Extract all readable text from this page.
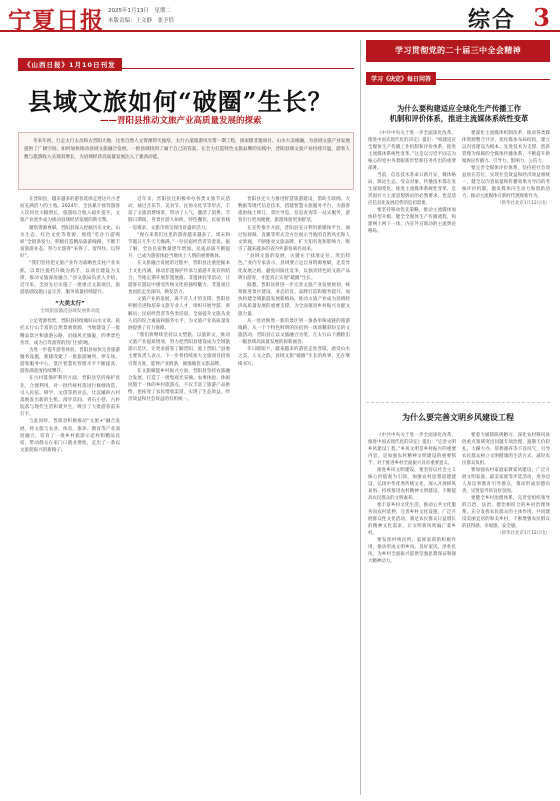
宁夏日报 2025年1月13日　星期二
本版责编：王文静　张予恰	综合 3
《山西日报》1月10日刊发
县域文旅如何“破圈”生长？
——晋阳县推动文旅产业高质量发展的探索
冬来年初，行走太行太岳和古晋阳大地，这里自然人文资源得天独厚，太行古道旅游风光带一期工程，国家级非遗项目、山水大美相融，为县域文旅产业发展提供了广阔空间。如何加快推动县域文旅融合发展，一批县域找到了属于自己的答案。在全力打造特色文旅品牌的实践中，晋阳县域文旅产业持续升温，游客人数与旅游收入实现双增长，为县域经济高质量发展注入了强劲动能。

在晋阳县，越来越多的游客选择走进这片古老而充满活力的土地。2024年，全县累计接待游客人次同比大幅增长，旅游综合收入稳步提升，文旅产业逐步成为推动县域经济发展的新引擎。

聚焦资源禀赋，晋阳县深入挖掘历史文化、山水生态、红色文化等资源，围绕“吃住行游购娱”全链条发力，积极打造精品旅游线路，不断丰富旅游业态，努力让游客“来得了、留得住、玩得好”。

“我们坚持把文旅产业作为战略性支柱产业来抓，以景区提档升级为抓手，以项目建设为支撑，推动文旅深度融合。”县文旅局负责人介绍，近年来，全县先后实施了一批重点文旅项目，旅游基础设施日益完善，服务质量持续提升。

“大美太行”
全域旅游激活县域发展新动能

立足资源优势，晋阳县持续做好山水文章。依托太行山丰富的自然景观资源，当地建设了一批精品景区和旅游公路，沿线风光旖旎，四季景色各异，成为自驾游客的热门目的地。

为进一步提升游客体验，晋阳县加快完善旅游服务设施，新建改建了一批旅游厕所、停车场、游客服务中心，景区智慧化管理水平不断提高，游客满意度持续攀升。

在古村落保护利用方面，晋阳县坚持保护优先、合理利用，对一批传统村落进行修缮改造，引入民宿、研学、文创等新业态，让沉睡的古村落焕发出新的生机。漫步其间，青石小巷、古朴院落与现代生活和谐共生，吸引了大批游客前来打卡。

与此同时，晋阳县积极推动“文旅+”融合发展，将文旅与农业、体育、康养、教育等产业深度融合，培育了一批乡村旅游示范村和精品民宿，带动群众在家门口就业增收，走出了一条以文旅促振兴的新路子。

近年来，晋阳县还积极举办各类文旅节庆活动，通过音乐节、美食节、民俗文化节等形式，丰富了文旅消费场景，带动了人气，激活了消费。节假日期间，各景区游人如织，特色餐饮、民宿客栈一房难求，文旅市场呈现出旺盛的活力。

“现在来我们这里的游客越来越多了，周末和节假日几乎天天爆满。”一位民宿经营者笑着说。据了解，全县民宿数量逐年增加，民宿品质不断提升，已成为游客体验当地风土人情的重要载体。

在文旅融合发展的过程中，晋阳县注重挖掘本土文化内涵，推动非遗保护传承与旅游开发有机结合。当地定期开展非遗展演、非遗体验等活动，让游客在游玩中感受传统文化的独特魅力，非遗项目也因此走出深闺、焕发活力。

文旅产业的发展，离不开人才的支撑。晋阳县积极引进和培养文旅专业人才，组织开展导游、讲解员、民宿经营者等各类培训，全面提升文旅从业人员的综合素质和服务水平，为文旅产业高质量发展提供了有力保障。

“我们将继续坚持以文塑旅、以旅彰文，推动文旅产业提质增效，努力把晋阳县建设成为全域旅游示范区，让更多游客了解晋阳、爱上晋阳。”县委主要负责人表示，下一步将持续加大文旅项目招商引资力度，延伸产业链条，做强做优文旅品牌。

在文旅赋能乡村振兴方面，晋阳县坚持农旅融合发展，打造了一批集观光采摘、农事体验、休闲度假于一体的乡村旅游点，不仅丰富了旅游产品供给，也拓宽了农民增收渠道，实现了生态效益、经济效益和社会效益的有机统一。

晋阳县还大力推进智慧旅游建设，借助互联网、大数据等现代信息技术，搭建智慧文旅服务平台，为游客提供线上预订、景区导览、信息查询等一站式服务，游客出行更加便捷，旅游体验更加舒适。

在宣传推介方面，晋阳县充分利用新媒体平台，通过短视频、直播等形式全方位展示当地的自然风光和人文景观，不断擦亮文旅品牌，扩大知名度和影响力，吸引了越来越多的省内外游客慕名而来。

“县域文旅的发展，关键在于找准定位、突出特色。”业内专家表示，县域要立足自身资源禀赋，走差异化发展之路，避免同质化竞争，以独具特色的文旅产品吸引游客，才能真正实现“破圈”生长。

据悉，晋阳县将进一步完善文旅产业发展规划，统筹推进景区建设、业态培育、品牌打造和服务提升，加快构建全域旅游发展新格局，推动文旅产业成为县域经济高质量发展的重要支撑，为全面推进乡村振兴贡献文旅力量。

从一处处焕然一新的景区到一条条串珠成链的旅游线路，从一个个特色鲜明的民宿到一场场精彩纷呈的文旅活动，晋阳县正以文旅融合为笔，在太行山下描绘出一幅县域高质量发展的崭新画卷。

冬日暖阳下，越来越多的游客走进晋阳，感受山水之美、人文之韵。县域文旅“破圈”生长的故事，还在继续书写。

学习贯彻党的二十届三中全会精神
学习《决定》每日问答
为什么要构建适应全球化生产传播工作
机制和评价体系，推进主流媒体系统性变革

《中共中央关于进一步全面深化改革、推进中国式现代化的决定》提出：“构建适应全媒体生产传播工作机制和评价体系，推进主流媒体系统性变革。”这是以习近平同志为核心的党中央着眼新形势新任务作出的重要部署。

当前，信息技术革命日新月异，媒体格局、舆论生态、受众对象、传播技术都在发生深刻变化。推进主流媒体系统性变革，是巩固壮大主流思想舆论的必然要求，也是适应信息化发展趋势的迫切需要。

要坚持移动优先策略，推动主流媒体加快转型升级，健全全媒体生产传播流程，构建网上网下一体、内宣外宣联动的主流舆论格局。

要深化主流媒体机制改革，推动各类媒体资源整合共享，优化媒体布局结构，建立以内容建设为根本、先进技术为支撑、创新管理为保障的全媒体传播体系，不断提升新闻舆论传播力、引导力、影响力、公信力。

要完善全媒体评价体系，坚持把社会效益放在首位，实现社会效益和经济效益相统一，健全以内容质量和传播效果为导向的考核评价机制，激发媒体内生动力和创新活力，推动主流媒体在新时代展现新作为。

（新华社北京1月12日电）

为什么要完善文明乡风建设工程

《中共中央关于进一步全面深化改革、推进中国式现代化的决定》提出：“完善文明乡风建设工程。”乡风文明是乡村振兴的重要内容，是加强农村精神文明建设的重要抓手，对于推进乡村全面振兴具有重要意义。

推进乡风文明建设，要坚持以社会主义核心价值观为引领，加强农村思想道德建设，弘扬中华优秀传统文化，深入开展移风易俗，持续推进农村精神文明建设，不断提高农民群众的文明素养。

要丰富乡村文化生活，推动公共文化服务向农村延伸，完善乡村文化设施，广泛开展群众性文化活动，满足农民群众日益增长的精神文化需求，让文明新风吹遍广袤乡村。

要发挥村规民约、家规家训的积极作用，推动形成文明乡风、良好家风、淳朴民风，为乡村全面振兴提供坚强思想保证和强大精神动力。

要着力破除陈规陋习，深化农村移风易俗重点领域突出问题专项治理，遏制天价彩礼、大操大办、厚葬薄养等不良风气，引导农民群众树立文明健康的生活方式，减轻农民群众负担。

要加强农村家庭家教家风建设，广泛开展文明家庭、最美家庭等评选活动，用身边人身边事教育引导群众，推动形成崇德向善、见贤思齐的良好氛围。

要健全乡村治理体系，完善党组织领导的自治、法治、德治相结合的乡村治理体系，充分发挥农民群众的主体作用，共同建设美丽宜居的和美乡村，不断增强农民群众的获得感、幸福感、安全感。

（新华社北京1月12日电）
